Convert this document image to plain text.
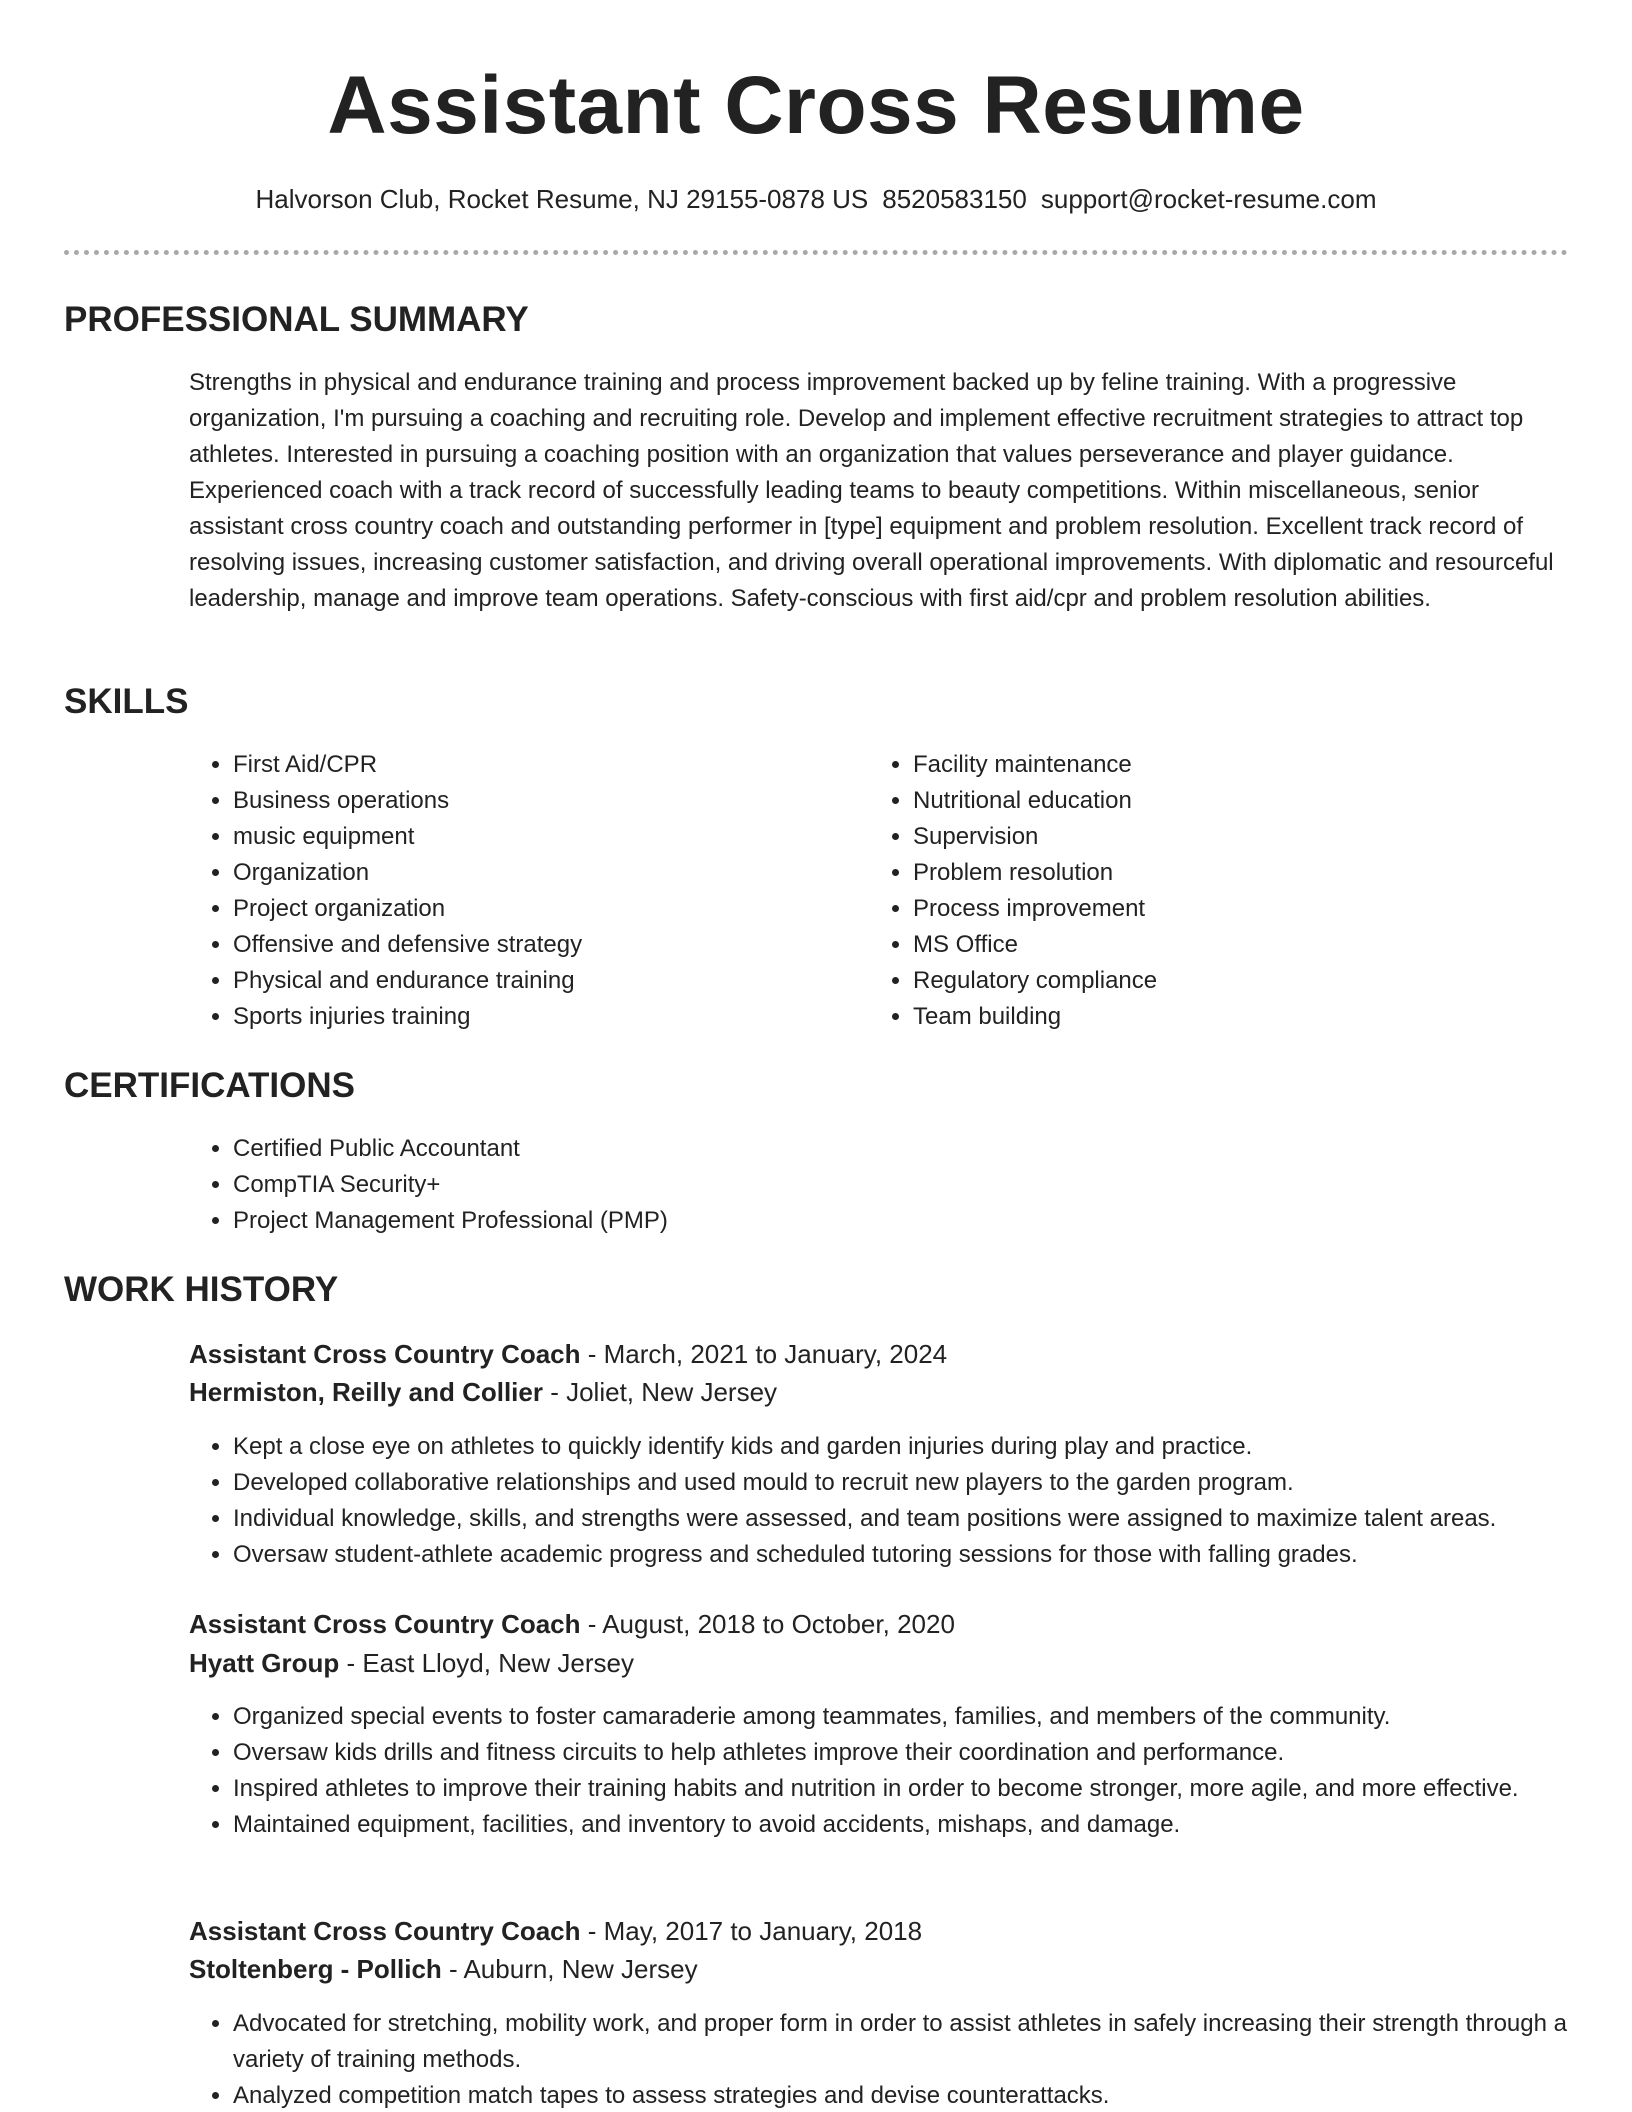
Assistant Cross Resume
Halvorson Club, Rocket Resume, NJ 29155-0878 US 8520583150 support@rocket-resume.com
PROFESSIONAL SUMMARY

Strengths in physical and endurance training and process improvement backed up by feline training. With a progressive organization, I'm pursuing a coaching and recruiting role. Develop and implement effective recruitment strategies to attract top athletes. Interested in pursuing a coaching position with an organization that values perseverance and player guidance. Experienced coach with a track record of successfully leading teams to beauty competitions. Within miscellaneous, senior assistant cross country coach and outstanding performer in [type] equipment and problem resolution. Excellent track record of resolving issues, increasing customer satisfaction, and driving overall operational improvements. With diplomatic and resourceful leadership, manage and improve team operations. Safety-conscious with first aid/cpr and problem resolution abilities.

SKILLS
• First Aid/CPR
• Business operations
• music equipment
• Organization
• Project organization
• Offensive and defensive strategy
• Physical and endurance training
• Sports injuries training
• Facility maintenance
• Nutritional education
• Supervision
• Problem resolution
• Process improvement
• MS Office
• Regulatory compliance
• Team building
CERTIFICATIONS
• Certified Public Accountant
• CompTIA Security+
• Project Management Professional (PMP)
WORK HISTORY

Assistant Cross Country Coach - March, 2021 to January, 2024

Hermiston, Reilly and Collier - Joliet, New Jersey

• Kept a close eye on athletes to quickly identify kids and garden injuries during play and practice.
• Developed collaborative relationships and used mould to recruit new players to the garden program.
• Individual knowledge, skills, and strengths were assessed, and team positions were assigned to maximize talent areas.
• Oversaw student-athlete academic progress and scheduled tutoring sessions for those with falling grades.

Assistant Cross Country Coach - August, 2018 to October, 2020

Hyatt Group - East Lloyd, New Jersey

• Organized special events to foster camaraderie among teammates, families, and members of the community.
• Oversaw kids drills and fitness circuits to help athletes improve their coordination and performance.
• Inspired athletes to improve their training habits and nutrition in order to become stronger, more agile, and more effective.
• Maintained equipment, facilities, and inventory to avoid accidents, mishaps, and damage.

Assistant Cross Country Coach - May, 2017 to January, 2018

Stoltenberg - Pollich - Auburn, New Jersey

• Advocated for stretching, mobility work, and proper form in order to assist athletes in safely increasing their strength through a variety of training methods.
• Analyzed competition match tapes to assess strategies and devise counterattacks.
